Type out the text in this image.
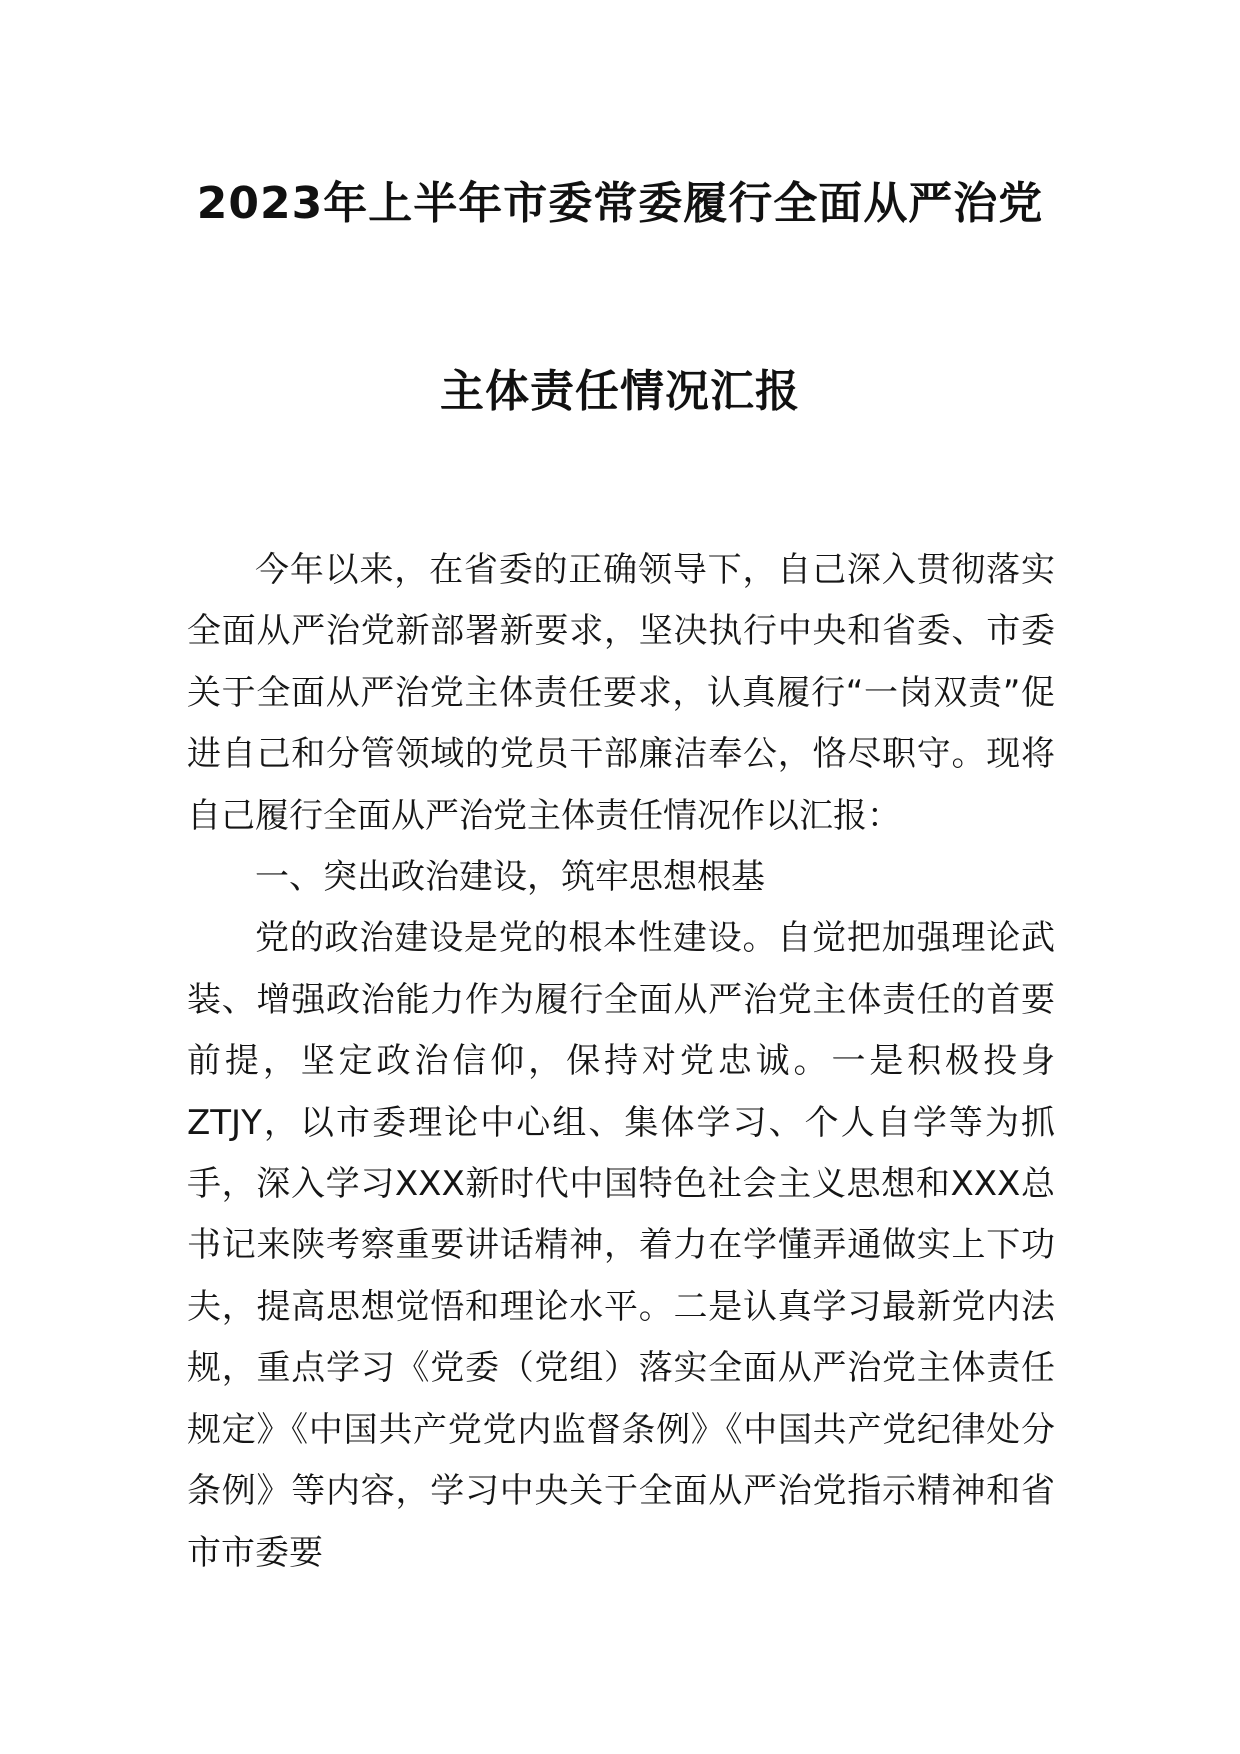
2023年上半年市委常委履行全面从严治党
主体责任情况汇报

今年以来，在省委的正确领导下，自己深入贯彻落实全面从严治党新部署新要求，坚决执行中央和省委、市委关于全面从严治党主体责任要求，认真履行“一岗双责”促进自己和分管领域的党员干部廉洁奉公，恪尽职守。现将自己履行全面从严治党主体责任情况作以汇报：

一、突出政治建设，筑牢思想根基

党的政治建设是党的根本性建设。自觉把加强理论武装、增强政治能力作为履行全面从严治党主体责任的首要前提，坚定政治信仰，保持对党忠诚。一是积极投身ZTJY，以市委理论中心组、集体学习、个人自学等为抓手，深入学习XXX新时代中国特色社会主义思想和XXX总书记来陕考察重要讲话精神，着力在学懂弄通做实上下功夫，提高思想觉悟和理论水平。二是认真学习最新党内法规，重点学习《党委（党组）落实全面从严治党主体责任规定》《中国共产党党内监督条例》《中国共产党纪律处分条例》等内容，学习中央关于全面从严治党指示精神和省市市委要
